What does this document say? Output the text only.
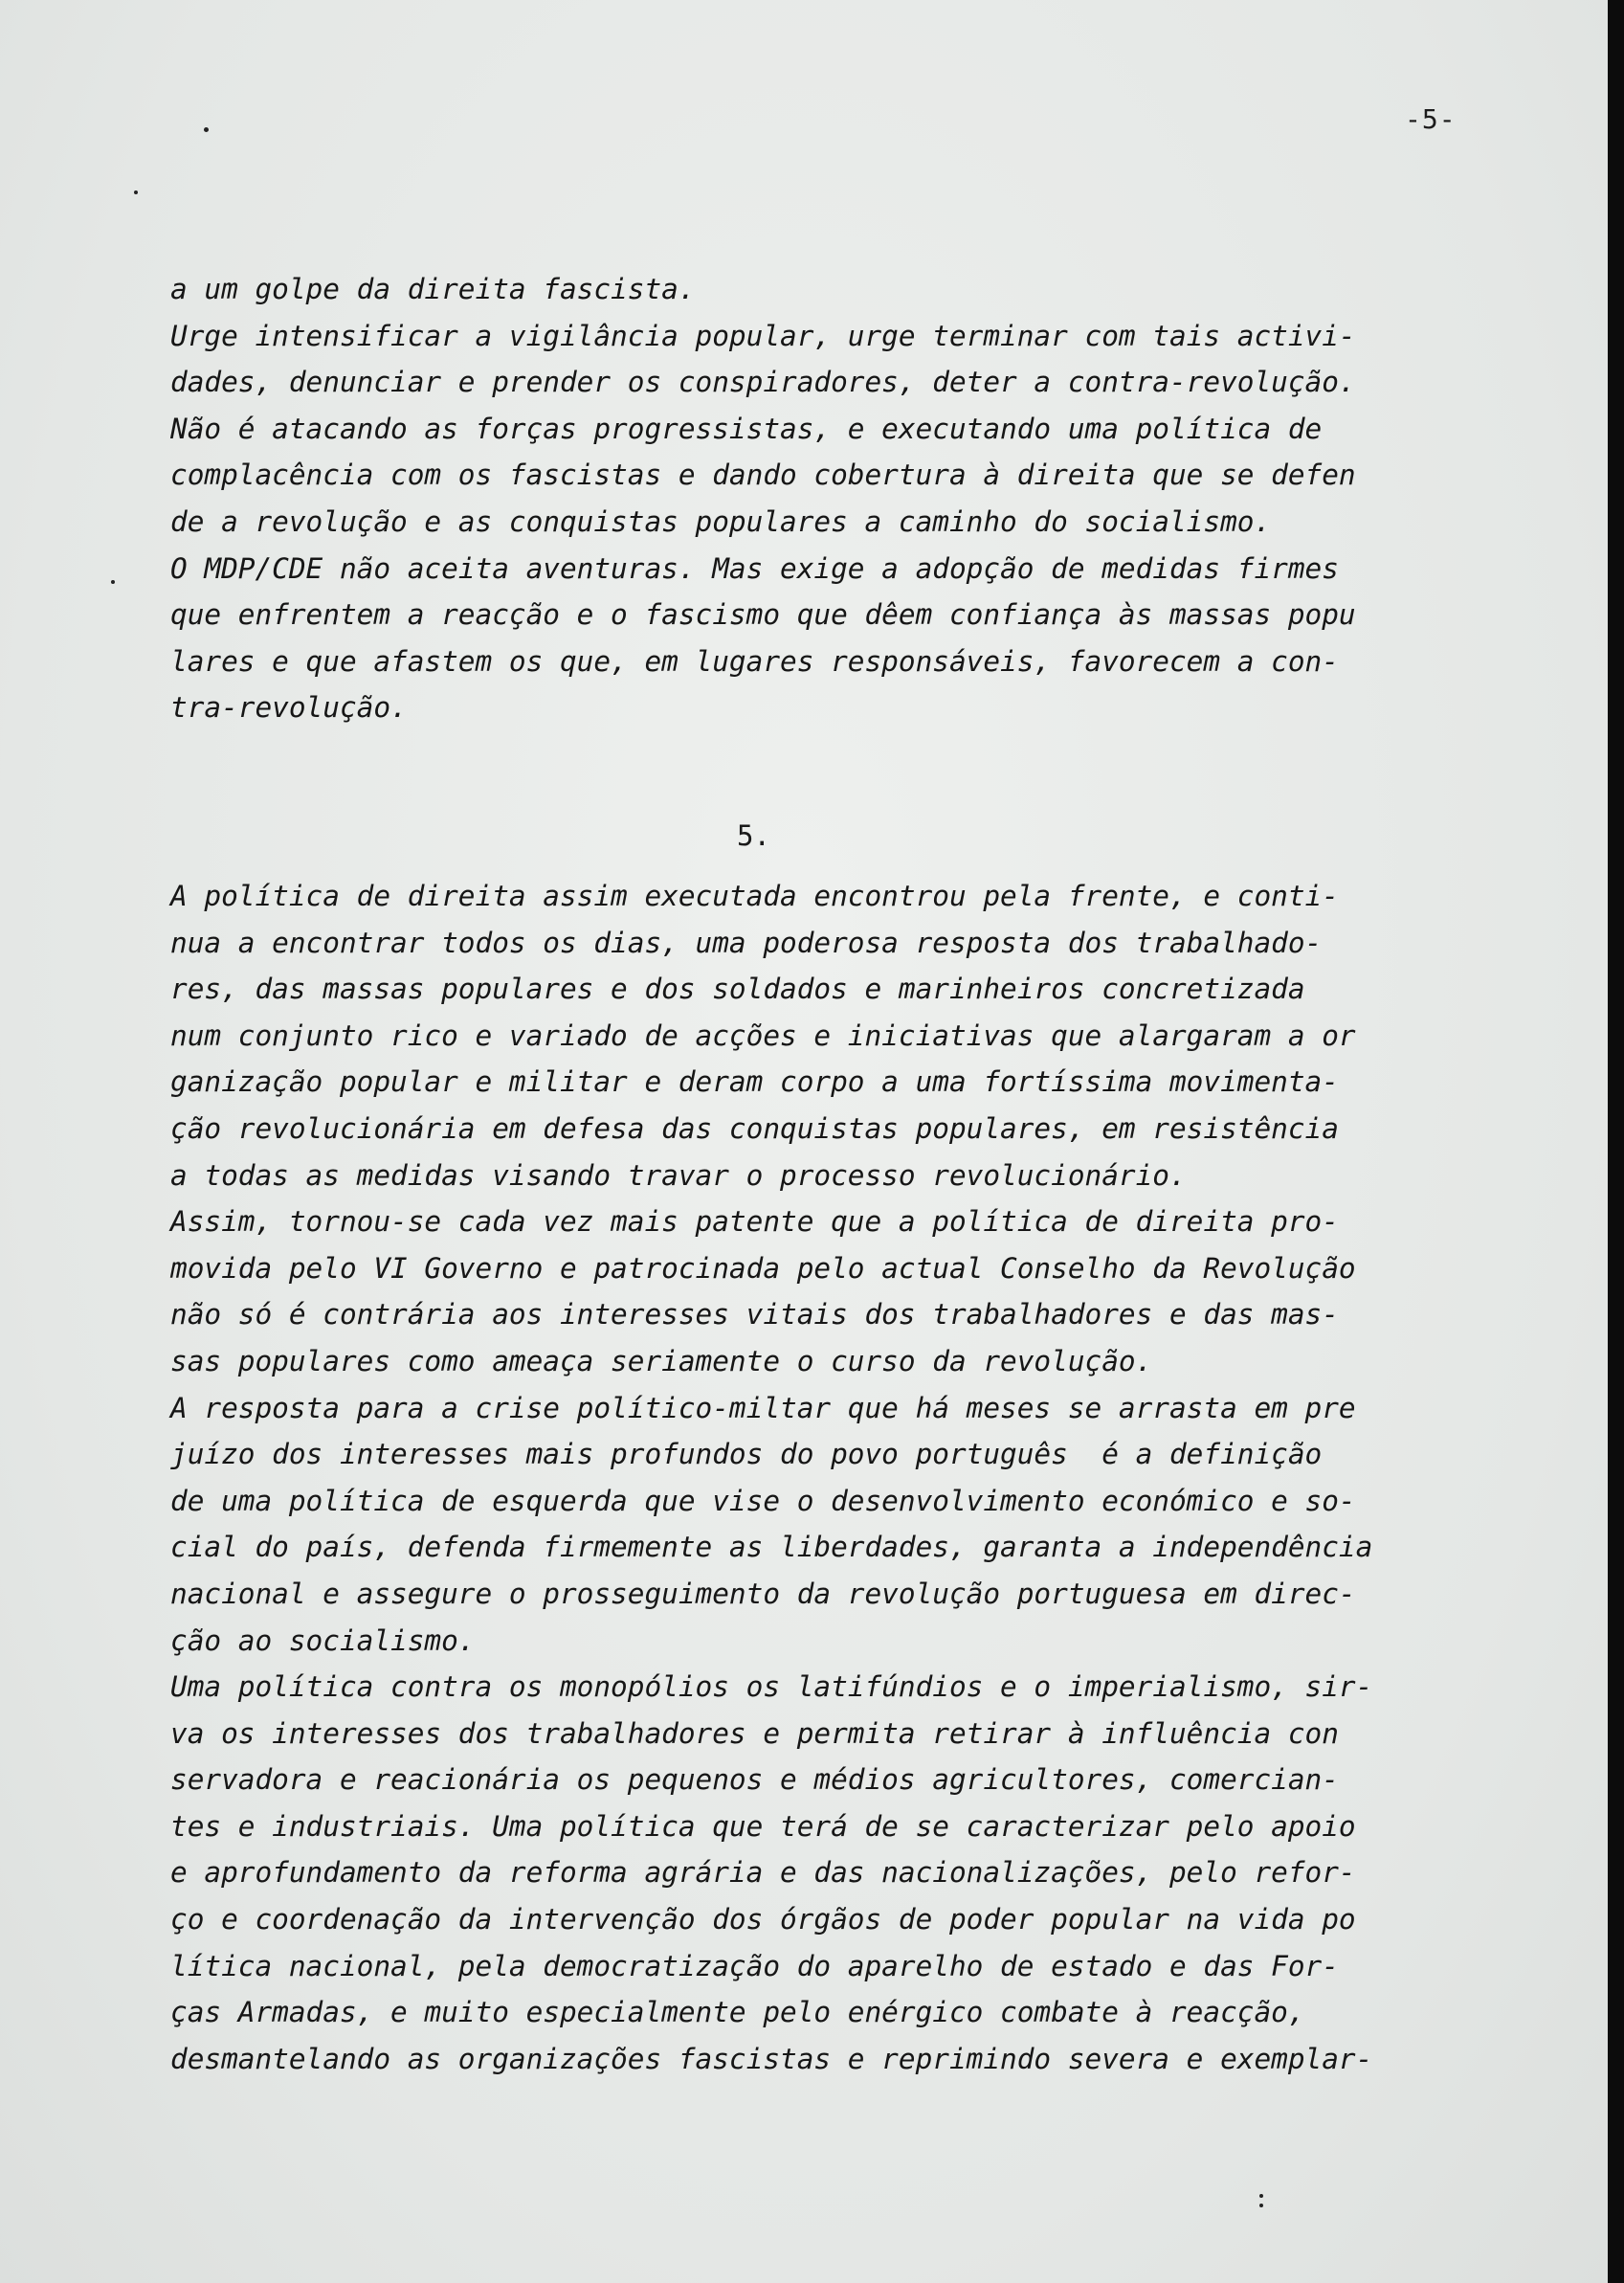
-5-
a um golpe da direita fascista.
Urge intensificar a vigilância popular, urge terminar com tais activi-
dades, denunciar e prender os conspiradores, deter a contra-revolução.
Não é atacando as forças progressistas, e executando uma política de
complacência com os fascistas e dando cobertura à direita que se defen
de a revolução e as conquistas populares a caminho do socialismo.
O MDP/CDE não aceita aventuras. Mas exige a adopção de medidas firmes
que enfrentem a reacção e o fascismo que dêem confiança às massas popu
lares e que afastem os que, em lugares responsáveis, favorecem a con-
tra-revolução.
5.
A política de direita assim executada encontrou pela frente, e conti-
nua a encontrar todos os dias, uma poderosa resposta dos trabalhado-
res, das massas populares e dos soldados e marinheiros concretizada
num conjunto rico e variado de acções e iniciativas que alargaram a or
ganização popular e militar e deram corpo a uma fortíssima movimenta-
ção revolucionária em defesa das conquistas populares, em resistência
a todas as medidas visando travar o processo revolucionário.
Assim, tornou-se cada vez mais patente que a política de direita pro-
movida pelo VI Governo e patrocinada pelo actual Conselho da Revolução
não só é contrária aos interesses vitais dos trabalhadores e das mas-
sas populares como ameaça seriamente o curso da revolução.
A resposta para a crise político-miltar que há meses se arrasta em pre
juízo dos interesses mais profundos do povo português  é a definição
de uma política de esquerda que vise o desenvolvimento económico e so-
cial do país, defenda firmemente as liberdades, garanta a independência
nacional e assegure o prosseguimento da revolução portuguesa em direc-
ção ao socialismo.
Uma política contra os monopólios os latifúndios e o imperialismo, sir-
va os interesses dos trabalhadores e permita retirar à influência con
servadora e reacionária os pequenos e médios agricultores, comercian-
tes e industriais. Uma política que terá de se caracterizar pelo apoio
e aprofundamento da reforma agrária e das nacionalizações, pelo refor-
ço e coordenação da intervenção dos órgãos de poder popular na vida po
lítica nacional, pela democratização do aparelho de estado e das For-
ças Armadas, e muito especialmente pelo enérgico combate à reacção,
desmantelando as organizações fascistas e reprimindo severa e exemplar-
